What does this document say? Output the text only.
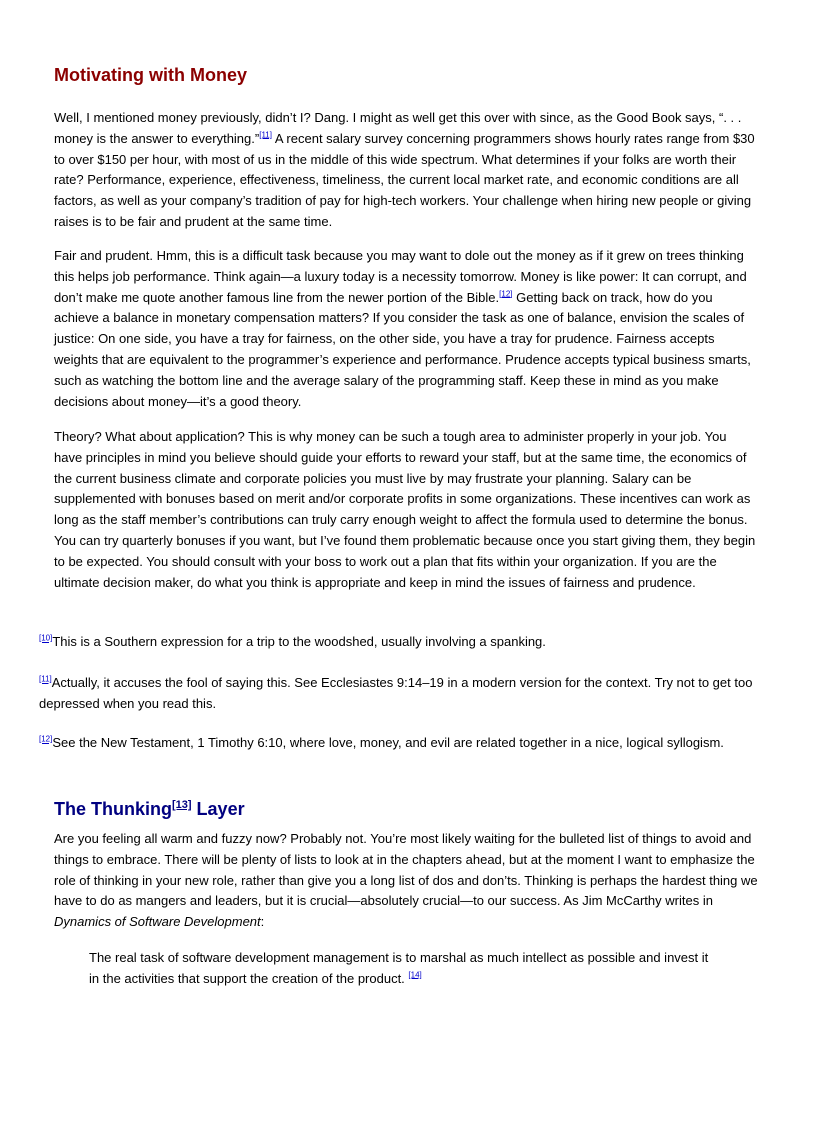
Motivating with Money

Well, I mentioned money previously, didn’t I? Dang. I might as well get this over with since, as the Good Book says, “. . . money is the answer to everything.”[11] A recent salary survey concerning programmers shows hourly rates range from $30 to over $150 per hour, with most of us in the middle of this wide spectrum. What determines if your folks are worth their rate? Performance, experience, effectiveness, timeliness, the current local market rate, and economic conditions are all factors, as well as your company’s tradition of pay for high-tech workers. Your challenge when hiring new people or giving raises is to be fair and prudent at the same time.

Fair and prudent. Hmm, this is a difficult task because you may want to dole out the money as if it grew on trees thinking this helps job performance. Think again—a luxury today is a necessity tomorrow. Money is like power: It can corrupt, and don’t make me quote another famous line from the newer portion of the Bible.[12] Getting back on track, how do you achieve a balance in monetary compensation matters? If you consider the task as one of balance, envision the scales of justice: On one side, you have a tray for fairness, on the other side, you have a tray for prudence. Fairness accepts weights that are equivalent to the programmer’s experience and performance. Prudence accepts typical business smarts, such as watching the bottom line and the average salary of the programming staff. Keep these in mind as you make decisions about money—it’s a good theory.

Theory? What about application? This is why money can be such a tough area to administer properly in your job. You have principles in mind you believe should guide your efforts to reward your staff, but at the same time, the economics of the current business climate and corporate policies you must live by may frustrate your planning. Salary can be supplemented with bonuses based on merit and/or corporate profits in some organizations. These incentives can work as long as the staff member’s contributions can truly carry enough weight to affect the formula used to determine the bonus. You can try quarterly bonuses if you want, but I’ve found them problematic because once you start giving them, they begin to be expected. You should consult with your boss to work out a plan that fits within your organization. If you are the ultimate decision maker, do what you think is appropriate and keep in mind the issues of fairness and prudence.

[10]This is a Southern expression for a trip to the woodshed, usually involving a spanking.

[11]Actually, it accuses the fool of saying this. See Ecclesiastes 9:14–19 in a modern version for the context. Try not to get too depressed when you read this.

[12]See the New Testament, 1 Timothy 6:10, where love, money, and evil are related together in a nice, logical syllogism.

The Thunking[13] Layer

Are you feeling all warm and fuzzy now? Probably not. You’re most likely waiting for the bulleted list of things to avoid and things to embrace. There will be plenty of lists to look at in the chapters ahead, but at the moment I want to emphasize the role of thinking in your new role, rather than give you a long list of dos and don’ts. Thinking is perhaps the hardest thing we have to do as mangers and leaders, but it is crucial—absolutely crucial—to our success. As Jim McCarthy writes in Dynamics of Software Development:

The real task of software development management is to marshal as much intellect as possible and invest it in the activities that support the creation of the product. [14]
